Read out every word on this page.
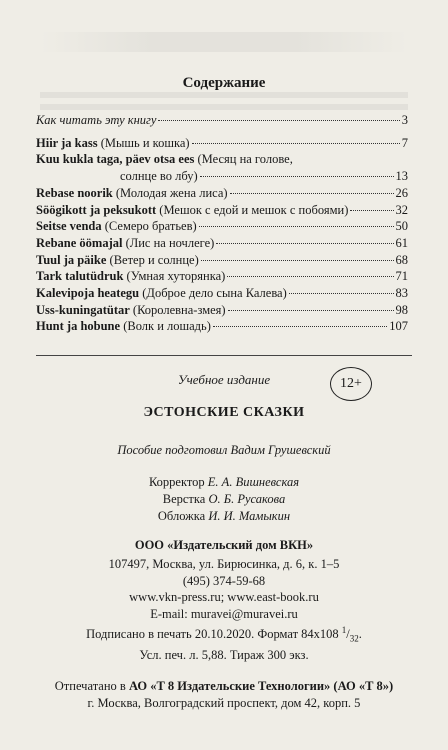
Содержание
Как читать эту книгу	3
Hiir ja kass (Мышь и кошка)	7
Kuu kukla taga, päev otsa ees (Месяц на голове,
солнце во лбу)	13
Rebase noorik (Молодая жена лиса)	26
Söögikott ja peksukott (Мешок с едой и мешок с побоями)	32
Seitse venda (Семеро братьев)	50
Rebane öömajal (Лис на ночлеге)	61
Tuul ja päike (Ветер и солнце)	68
Tark talutüdruk (Умная хуторянка)	71
Kalevipoja heategu (Доброе дело сына Калева)	83
Uss-kuningatütar (Королевна-змея)	98
Hunt ja hobune (Волк и лошадь)	107
Учебное издание	12+
ЭСТОНСКИЕ СКАЗКИ
Пособие подготовил Вадим Грушевский
Корректор Е. А. Вишневская
Верстка О. Б. Русакова
Обложка И. И. Мамыкин
ООО «Издательский дом ВКН»
107497, Москва, ул. Бирюсинка, д. 6, к. 1–5
(495) 374-59-68
www.vkn-press.ru; www.east-book.ru
E-mail: muravei@muravei.ru
Подписано в печать 20.10.2020. Формат 84x108 $^1/_{32}$.
Усл. печ. л. 5,88. Тираж 300 экз.
Отпечатано в АО «Т 8 Издательские Технологии» (АО «Т 8»)
г. Москва, Волгоградский проспект, дом 42, корп. 5
